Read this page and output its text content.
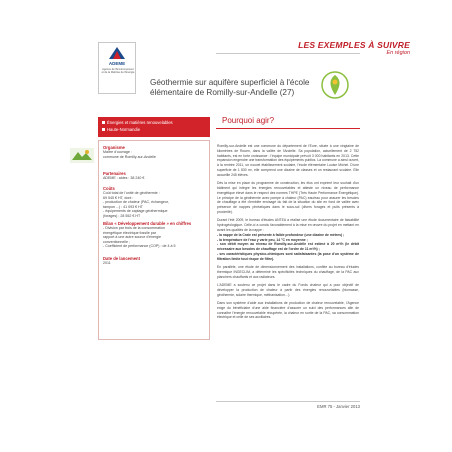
LES EXEMPLES À SUIVRE
En région
ADEME
Agence de l'Environnement et de la Maîtrise de l'Énergie
Géothermie sur aquifère superficiel à l'école
élémentaire de Romilly-sur-Andelle (27)
Énergies et matières renouvelables
Haute-Normandie
Pourquoi agir?
Organisme
Maître d'ouvrage :
commune de Romilly-sur-Andelle
Partenaires
ADEME : aides : 38 240 €
Coûts
Coût total de l'unité de géothermie :
69 545 € HT, dont :
- production de chaleur (PAC, échangeur,
tampon ...) : 41 093 € HT
- équipements de captage géothermique
(forages) : 28 552 € HT
Bilan « Développement durable » en chiffres
- Division par trois de la consommation
énergétique électrique fossile par
rapport à une autre source d'énergie
conventionnelle ;
- Coefficient de performance (COP) : de 4 à 5
Date de lancement
2011
Romilly-sur-Andelle est une commune du département de l'Eure, située à une vingtaine de kilomètres de Rouen, dans la vallée de l'Andelle. Sa population, actuellement de 2 752 habitants, est en forte croissance : l'équipe municipale prévoit 3 000 habitants en 2013. Cette expansion engendre une transformation des équipements publics. La commune a ainsi ouvert, à la rentrée 2011, un nouvel établissement scolaire, l'école élémentaire Louise Michel. D'une superficie de 1 830 m², elle comprend une dizaine de classes et un restaurant scolaire. Elle accueille 245 élèves.
Dès la mise en place du programme de construction, les élus ont exprimé leur souhait d'un bâtiment qui intègre les énergies renouvelables et atteste un niveau de performance énergétique élevé dans le respect des normes THPE (Très Haute Performance Énergétique). Le principe de la géothermie avec pompe à chaleur (PAC) eau/eau pour assurer les besoins de chauffage a été d'emblée envisagé du fait de la situation du site en fond de vallée avec présence de nappes phréatiques dans le sous-sol (divers forages et puits présents à proximité).
Durant l'été 2009, le bureau d'études ANTEA a réalisé une étude documentaire de faisabilité hydrogéologique. Celle-ci a conclu favorablement à la mise en œuvre du projet en mettant en avant les qualités de la nappe :
- la nappe de la Craie est présente à faible profondeur (une dizaine de mètres) ;
- la température de l'eau y varie peu, 14 °C en moyenne ;
- son débit moyen au niveau de Romilly-sur-Andelle est estimé à 20 m³/h (le débit nécessaire aux besoins de chauffage est de l'ordre de 11 m³/h) ;
- ses caractéristiques physico-chimiques sont satisfaisantes (la pose d'un système de filtration limite tout risque de filtre).
En parallèle, une étude de dimensionnement des installations, confiée au bureau d'études thermique INGECLIM, a déterminé les spécificités techniques du chauffage, de la PAC aux planchers chauffants et aux radiateurs.
L'ADEME a soutenu ce projet dans le cadre du Fonds chaleur qui a pour objectif de développer la production de chaleur à partir des énergies renouvelables (biomasse, géothermie, solaire thermique, méthanisation…).
Dans son système d'aide aux installations de production de chaleur renouvelable, l'Agence exige du bénéficiaire d'une aide financière d'assurer un suivi des performances afin de connaître l'énergie renouvelable récupérée, la chaleur en sortie de la PAC, sa consommation électrique et celle de ses auxiliaires.
EMR 75 - Janvier 2013
